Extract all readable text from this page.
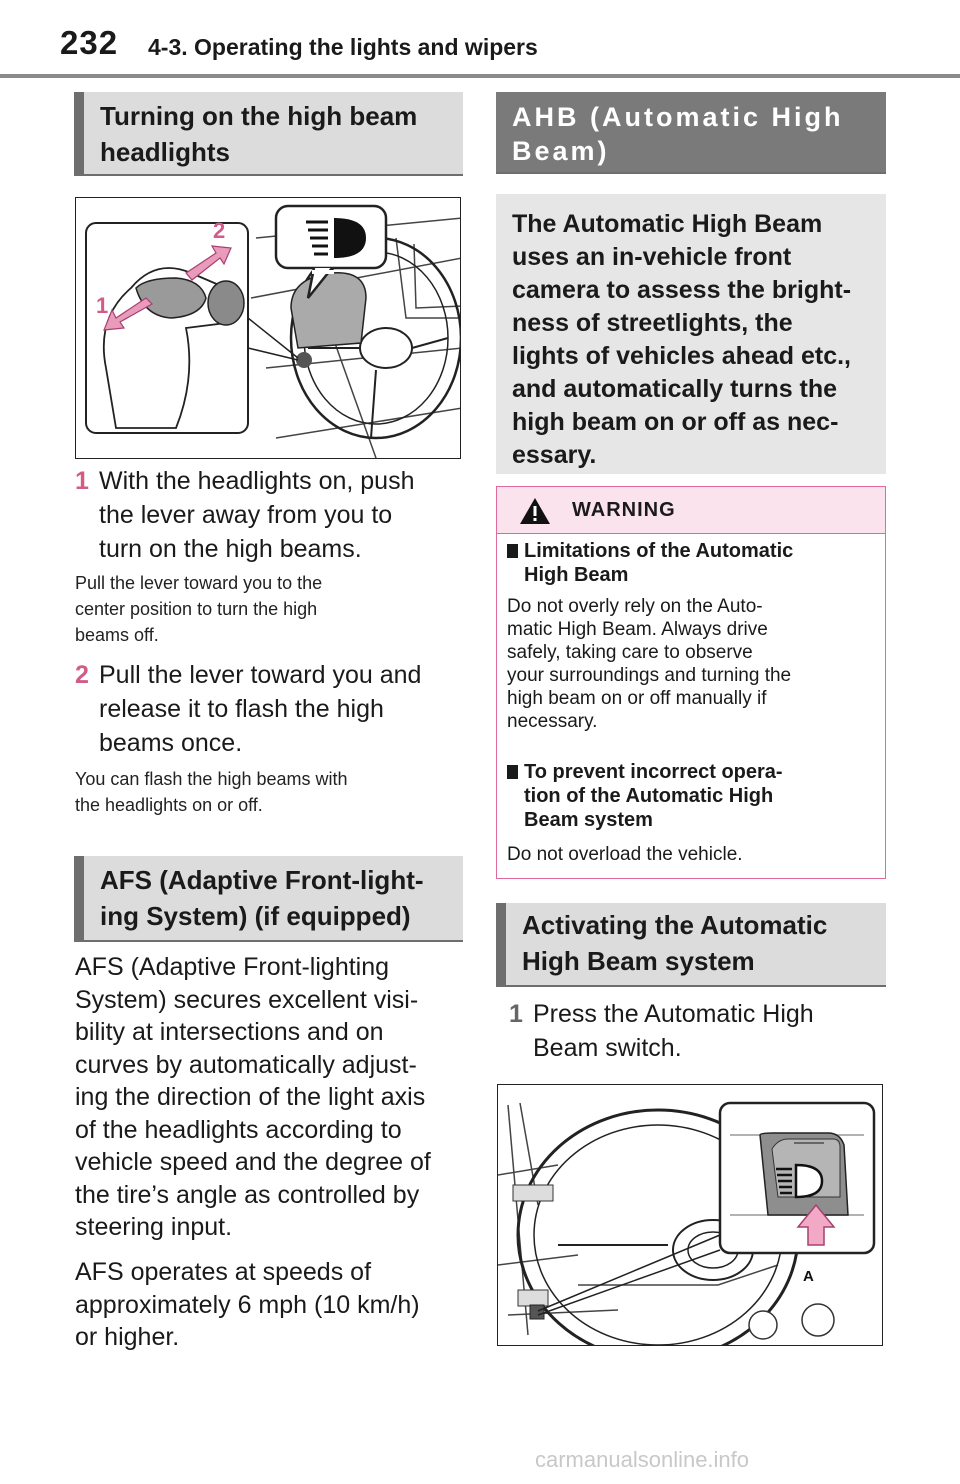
232 4-3. Operating the lights and wipers
Turning on the high beam
headlights
2
1
1 With the headlights on, push
the lever away from you to
turn on the high beams.
Pull the lever toward you to the
center position to turn the high
beams off.
2 Pull the lever toward you and
release it to flash the high
beams once.
You can flash the high beams with
the headlights on or off.
AFS (Adaptive Front-light-
ing System) (if equipped)
AFS (Adaptive Front-lighting
System) secures excellent visi-
bility at intersections and on
curves by automatically adjust-
ing the direction of the light axis
of the headlights according to
vehicle speed and the degree of
the tire’s angle as controlled by
steering input.
AFS operates at speeds of
approximately 6 mph (10 km/h)
or higher.
AHB (Automatic High
Beam)
The Automatic High Beam
uses an in-vehicle front
camera to assess the bright-
ness of streetlights, the
lights of vehicles ahead etc.,
and automatically turns the
high beam on or off as nec-
essary.
WARNING
Limitations of the Automatic
High Beam
Do not overly rely on the Auto-
matic High Beam. Always drive
safely, taking care to observe
your surroundings and turning the
high beam on or off manually if
necessary.
To prevent incorrect opera-
tion of the Automatic High
Beam system
Do not overload the vehicle.
Activating the Automatic
High Beam system
1 Press the Automatic High
Beam switch.
A
carmanualsonline.info
